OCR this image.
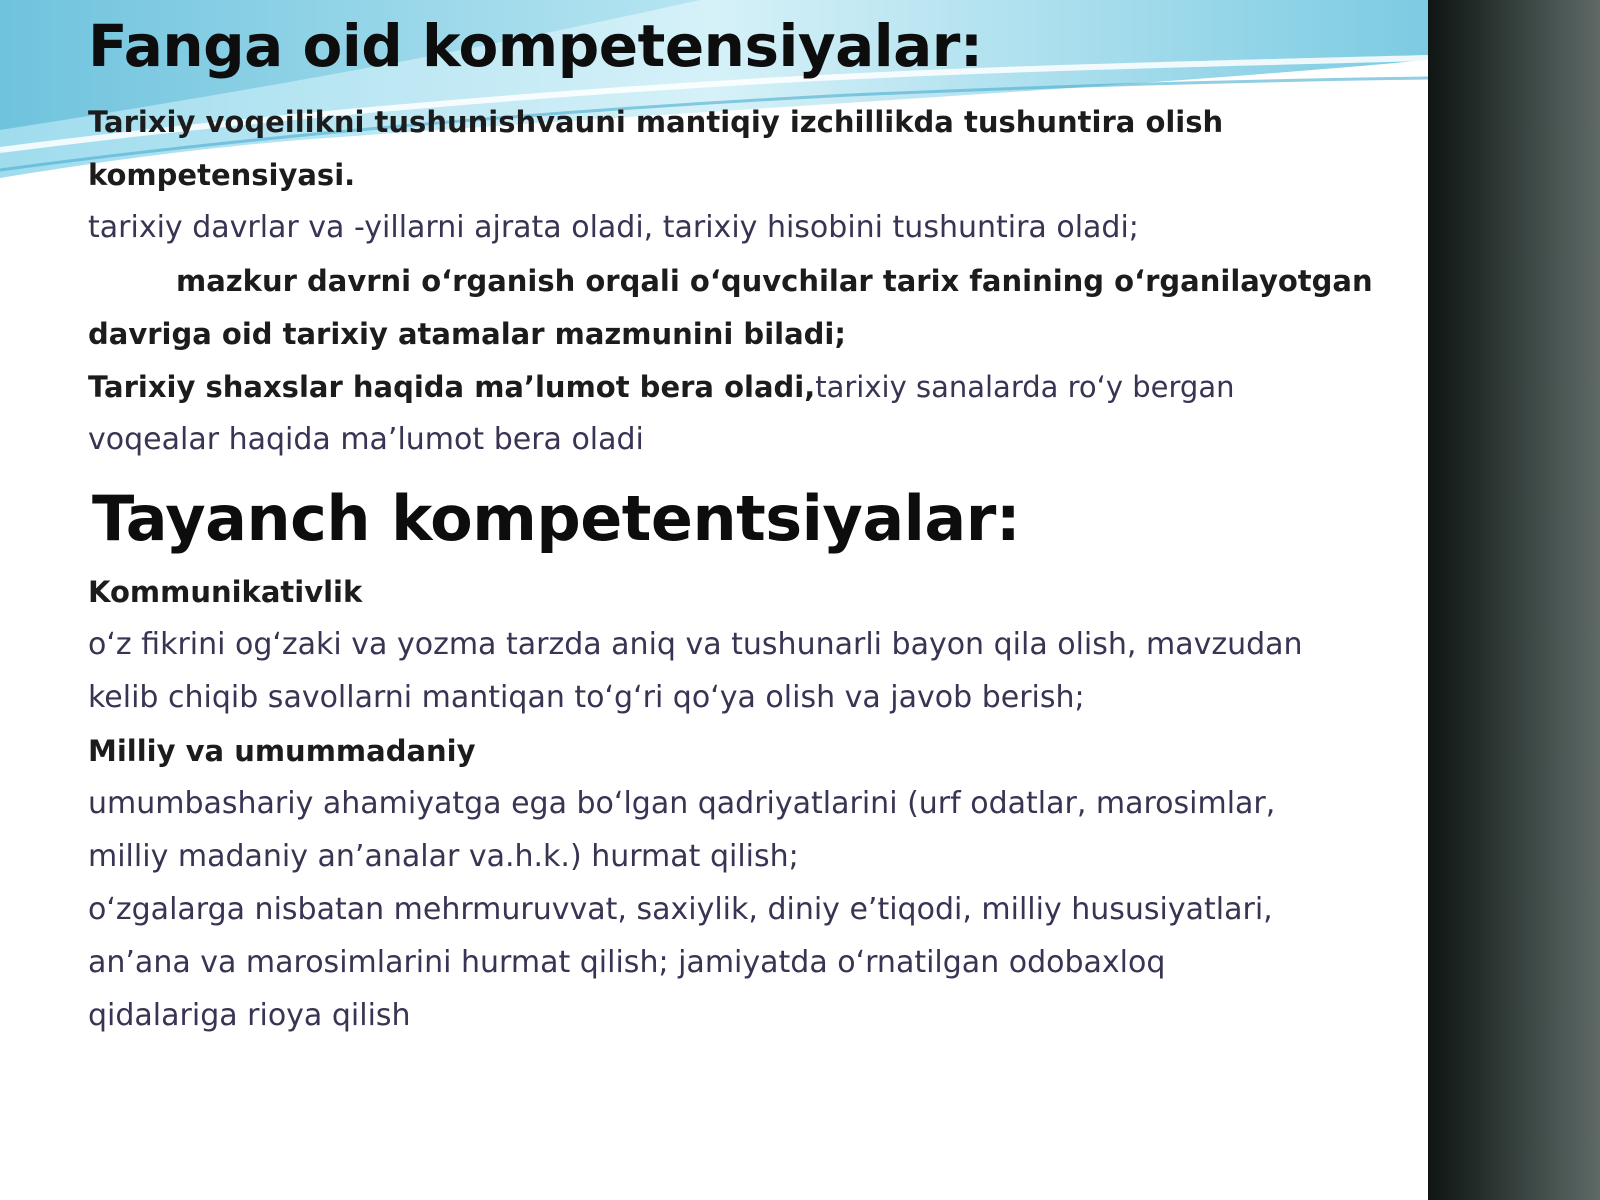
Fanga oid kompetensiyalar:
Tarixiy voqeilikni tushunishvauni mantiqiy izchillikda tushuntira olish
kompetensiyasi.
tarixiy davrlar va -yillarni ajrata oladi, tarixiy hisobini tushuntira oladi;
mazkur davrni o‘rganish orqali o‘quvchilar tarix fanining o‘rganilayotgan
davriga oid tarixiy atamalar mazmunini biladi;
Tarixiy shaxslar haqida ma’lumot bera oladi,tarixiy sanalarda ro‘y bergan
voqealar haqida ma’lumot bera oladi
Tayanch kompetentsiyalar:
Kommunikativlik
o‘z fikrini og‘zaki va yozma tarzda aniq va tushunarli bayon qila olish, mavzudan
kelib chiqib savollarni mantiqan to‘g‘ri qo‘ya olish va javob berish;
Milliy va umummadaniy
umumbashariy ahamiyatga ega bo‘lgan qadriyatlarini (urf odatlar, marosimlar,
milliy madaniy an’analar va.h.k.) hurmat qilish;
o‘zgalarga nisbatan mehrmuruvvat, saxiylik, diniy e’tiqodi, milliy hususiyatlari,
an’ana va marosimlarini hurmat qilish; jamiyatda o‘rnatilgan odobaxloq
qidalariga rioya qilish
